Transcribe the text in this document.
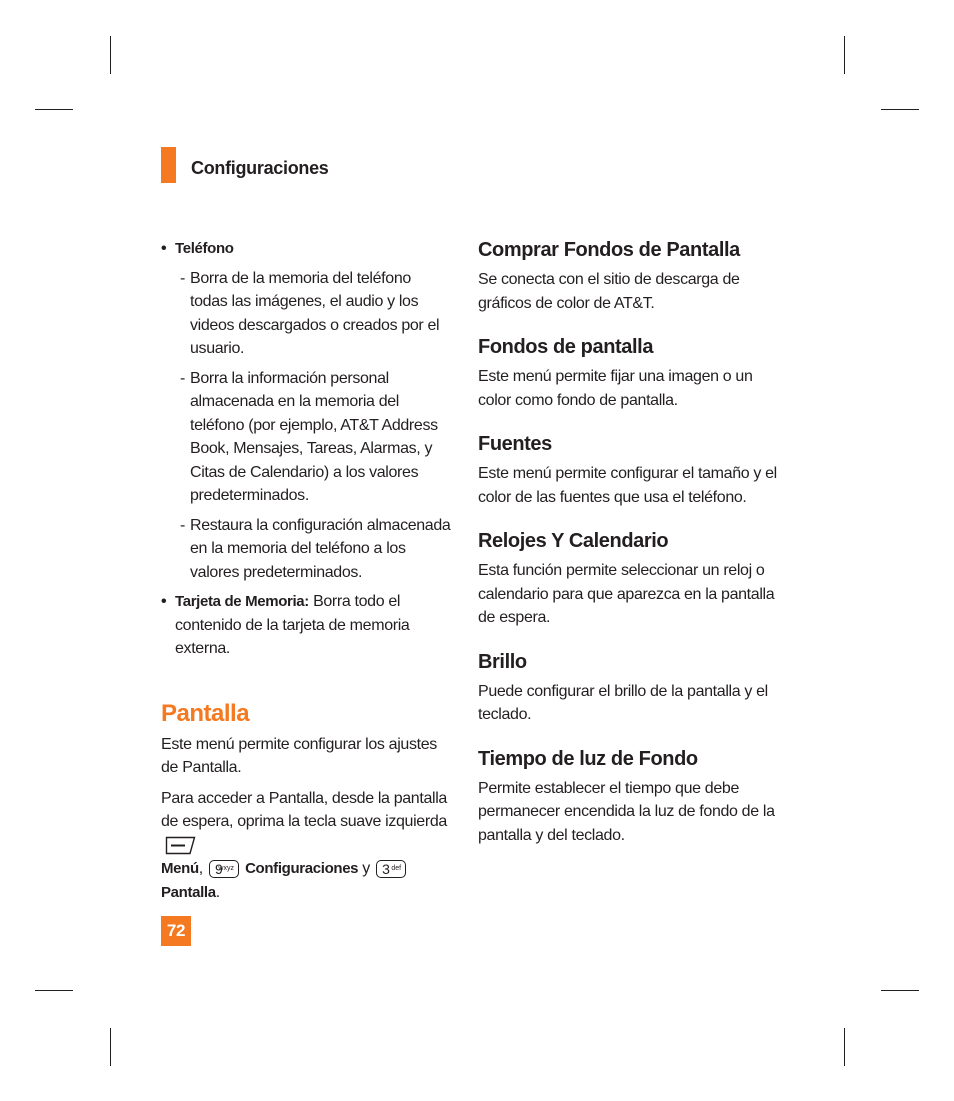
Configuraciones
• Teléfono
- Borra de la memoria del teléfono todas las imágenes, el audio y los videos descargados o creados por el usuario.
- Borra la información personal almacenada en la memoria del teléfono (por ejemplo, AT&T Address Book, Mensajes, Tareas, Alarmas, y Citas de Calendario) a los valores predeterminados.
- Restaura la configuración almacenada en la memoria del teléfono a los valores predeterminados.
• Tarjeta de Memoria: Borra todo el contenido de la tarjeta de memoria externa.
Pantalla
Este menú permite configurar los ajustes de Pantalla.
Para acceder a Pantalla, desde la pantalla de espera, oprima la tecla suave izquierda
Menú, 9
wxyz Configuraciones y 3 def

Pantalla.
Comprar Fondos de Pantalla
Se conecta con el sitio de descarga de gráficos de color de AT&T.
Fondos de pantalla
Este menú permite fijar una imagen o un color como fondo de pantalla.
Fuentes
Este menú permite configurar el tamaño y el color de las fuentes que usa el teléfono.
Relojes Y Calendario
Esta función permite seleccionar un reloj o calendario para que aparezca en la pantalla de espera.
Brillo
Puede configurar el brillo de la pantalla y el teclado.
Tiempo de luz de Fondo
Permite establecer el tiempo que debe permanecer encendida la luz de fondo de la pantalla y del teclado.
72
